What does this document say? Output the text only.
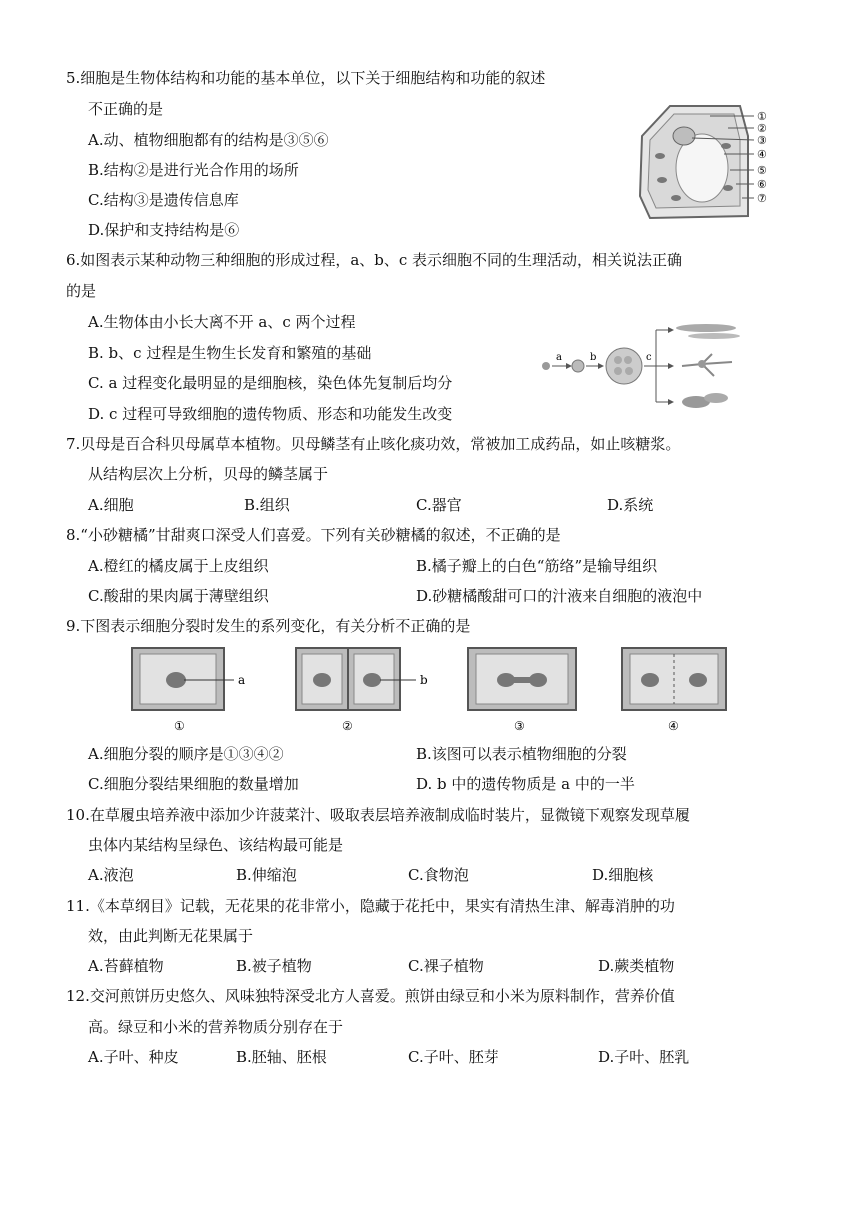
5.细胞是生物体结构和功能的基本单位，以下关于细胞结构和功能的叙述
不正确的是
A.动、植物细胞都有的结构是③⑤⑥
B.结构②是进行光合作用的场所
C.结构③是遗传信息库
D.保护和支持结构是⑥
①
②
③
④
⑤
⑥
⑦
6.如图表示某种动物三种细胞的形成过程，a、b、c 表示细胞不同的生理活动，相关说法正确
的是
A.生物体由小长大离不开 a、c 两个过程
B. b、c 过程是生物生长发育和繁殖的基础
C. a 过程变化最明显的是细胞核，染色体先复制后均分
D. c 过程可导致细胞的遗传物质、形态和功能发生改变
a	b	c
7.贝母是百合科贝母属草本植物。贝母鳞茎有止咳化痰功效，常被加工成药品，如止咳糖浆。
从结构层次上分析，贝母的鳞茎属于
A.细胞	B.组织	C.器官	D.系统
8.“小砂糖橘”甘甜爽口深受人们喜爱。下列有关砂糖橘的叙述，不正确的是
A.橙红的橘皮属于上皮组织	B.橘子瓣上的白色“筋络”是输导组织
C.酸甜的果肉属于薄壁组织	D.砂糖橘酸甜可口的汁液来自细胞的液泡中
9.下图表示细胞分裂时发生的系列变化，有关分析不正确的是
a
①
b
②	③	④
A.细胞分裂的顺序是①③④②	B.该图可以表示植物细胞的分裂
C.细胞分裂结果细胞的数量增加	D. b 中的遗传物质是 a 中的一半
10.在草履虫培养液中添加少许菠菜汁、吸取表层培养液制成临时装片，显微镜下观察发现草履
虫体内某结构呈绿色、该结构最可能是
A.液泡	B.伸缩泡	C.食物泡	D.细胞核
11.《本草纲目》记载，无花果的花非常小，隐藏于花托中，果实有清热生津、解毒消肿的功
效，由此判断无花果属于
A.苔藓植物	B.被子植物	C.裸子植物	D.蕨类植物
12.交河煎饼历史悠久、风味独特深受北方人喜爱。煎饼由绿豆和小米为原料制作，营养价值
高。绿豆和小米的营养物质分别存在于
A.子叶、种皮	B.胚轴、胚根	C.子叶、胚芽	D.子叶、胚乳
